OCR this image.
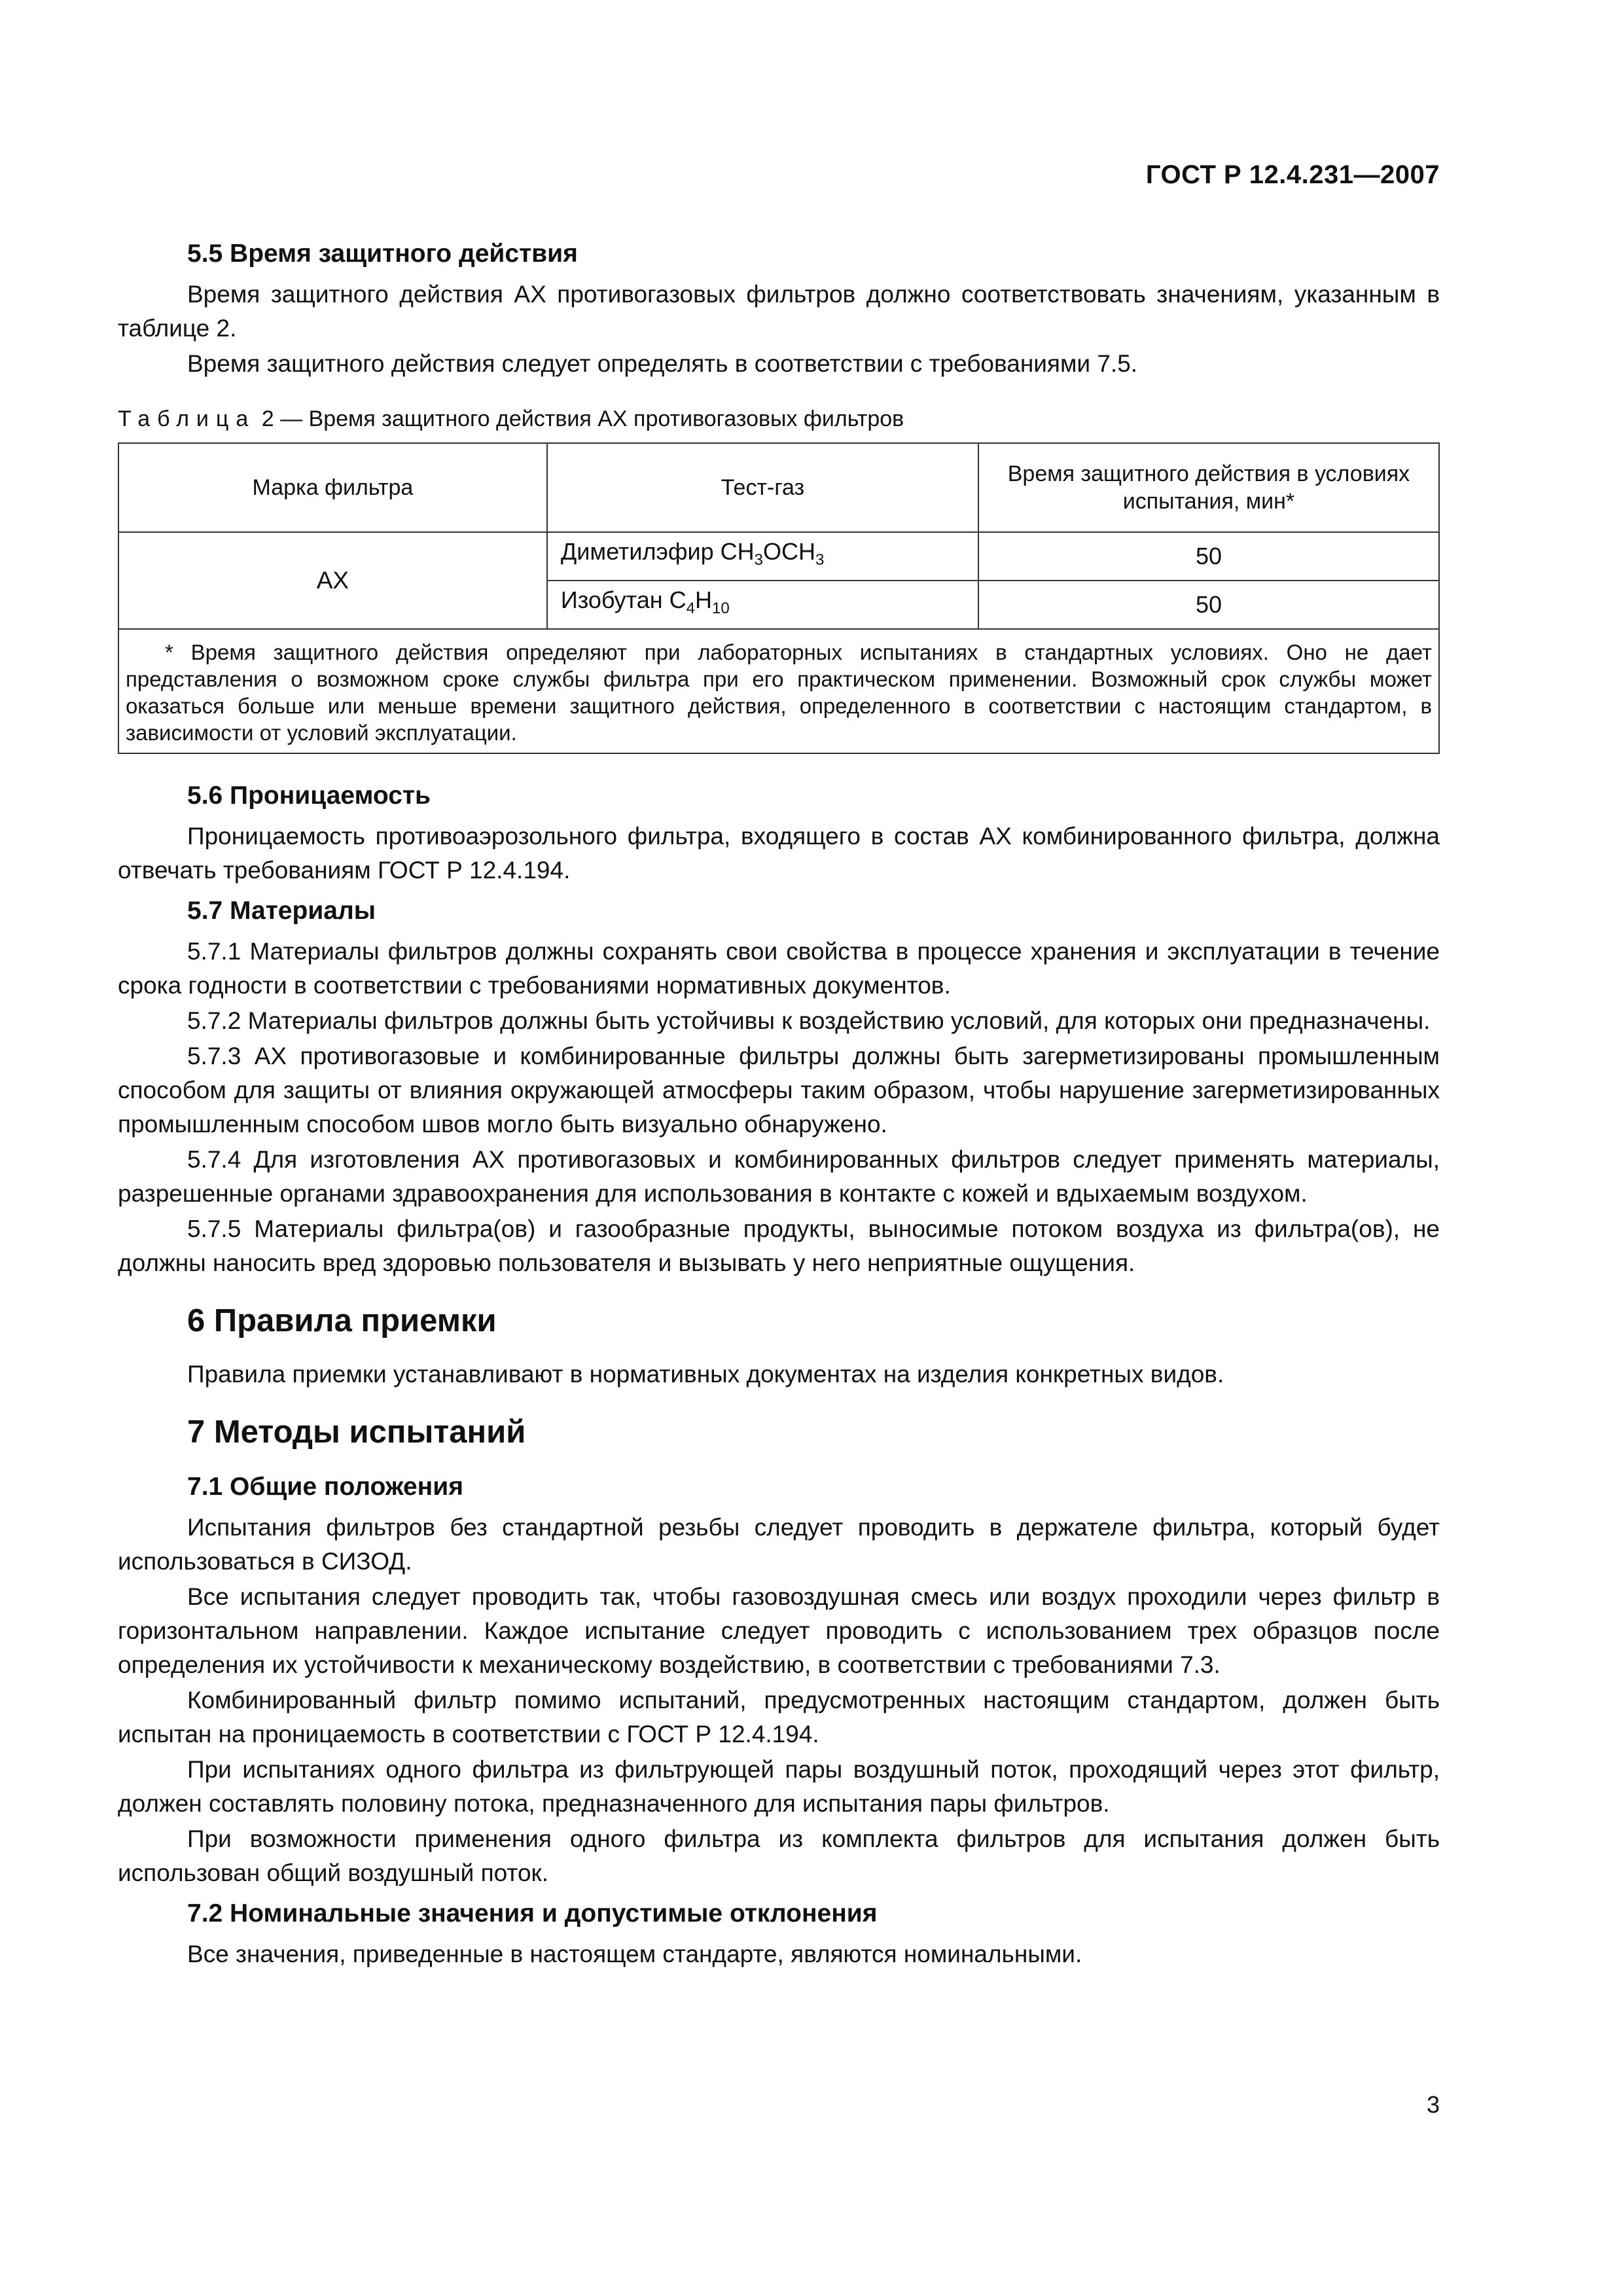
ГОСТ Р 12.4.231—2007
5.5 Время защитного действия
Время защитного действия АХ противогазовых фильтров должно соответствовать значениям, указанным в таблице 2.
Время защитного действия следует определять в соответствии с требованиями 7.5.
Таблица 2 — Время защитного действия АХ противогазовых фильтров
Марка фильтра	Тест-газ	Время защитного действия в условиях испытания, мин*
АХ	Диметилэфир $CH_3OCH_3$	50
	Изобутан $C_4H_{10}$	50
* Время защитного действия определяют при лабораторных испытаниях в стандартных условиях. Оно не дает представления о возможном сроке службы фильтра при его практическом применении. Возможный срок службы может оказаться больше или меньше времени защитного действия, определенного в соответствии с настоящим стандартом, в зависимости от условий эксплуатации.		
5.6 Проницаемость
Проницаемость противоаэрозольного фильтра, входящего в состав АХ комбинированного фильтра, должна отвечать требованиям ГОСТ Р 12.4.194.
5.7 Материалы
5.7.1 Материалы фильтров должны сохранять свои свойства в процессе хранения и эксплуатации в течение срока годности в соответствии с требованиями нормативных документов.
5.7.2 Материалы фильтров должны быть устойчивы к воздействию условий, для которых они предназначены.
5.7.3 АХ противогазовые и комбинированные фильтры должны быть загерметизированы промышленным способом для защиты от влияния окружающей атмосферы таким образом, чтобы нарушение загерметизированных промышленным способом швов могло быть визуально обнаружено.
5.7.4 Для изготовления АХ противогазовых и комбинированных фильтров следует применять материалы, разрешенные органами здравоохранения для использования в контакте с кожей и вдыхаемым воздухом.
5.7.5 Материалы фильтра(ов) и газообразные продукты, выносимые потоком воздуха из фильтра(ов), не должны наносить вред здоровью пользователя и вызывать у него неприятные ощущения.
6 Правила приемки
Правила приемки устанавливают в нормативных документах на изделия конкретных видов.
7 Методы испытаний
7.1 Общие положения
Испытания фильтров без стандартной резьбы следует проводить в держателе фильтра, который будет использоваться в СИЗОД.
Все испытания следует проводить так, чтобы газовоздушная смесь или воздух проходили через фильтр в горизонтальном направлении. Каждое испытание следует проводить с использованием трех образцов после определения их устойчивости к механическому воздействию, в соответствии с требованиями 7.3.
Комбинированный фильтр помимо испытаний, предусмотренных настоящим стандартом, должен быть испытан на проницаемость в соответствии с ГОСТ Р 12.4.194.
При испытаниях одного фильтра из фильтрующей пары воздушный поток, проходящий через этот фильтр, должен составлять половину потока, предназначенного для испытания пары фильтров.
При возможности применения одного фильтра из комплекта фильтров для испытания должен быть использован общий воздушный поток.
7.2 Номинальные значения и допустимые отклонения
Все значения, приведенные в настоящем стандарте, являются номинальными.
3
